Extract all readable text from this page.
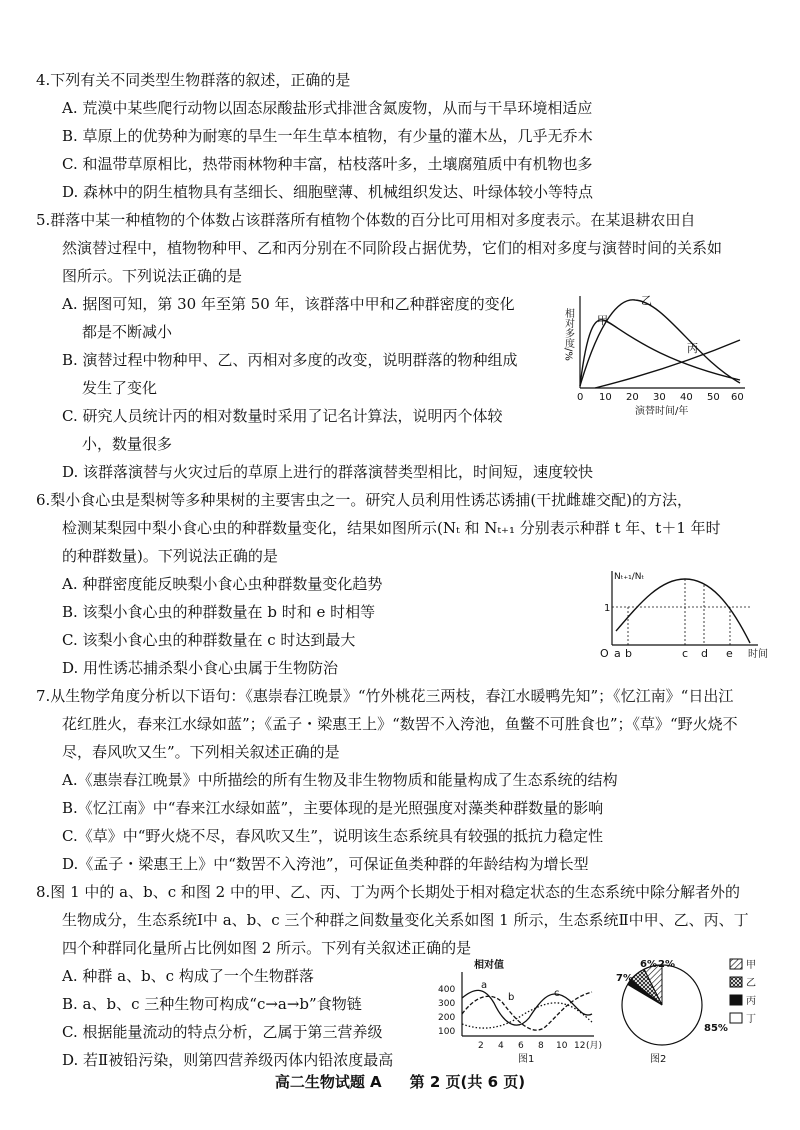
4.下列有关不同类型生物群落的叙述，正确的是
A. 荒漠中某些爬行动物以固态尿酸盐形式排泄含氮废物，从而与干旱环境相适应
B. 草原上的优势种为耐寒的旱生一年生草本植物，有少量的灌木丛，几乎无乔木
C. 和温带草原相比，热带雨林物种丰富，枯枝落叶多，土壤腐殖质中有机物也多
D. 森林中的阴生植物具有茎细长、细胞壁薄、机械组织发达、叶绿体较小等特点
5.群落中某一种植物的个体数占该群落所有植物个体数的百分比可用相对多度表示。在某退耕农田自
然演替过程中，植物物种甲、乙和丙分别在不同阶段占据优势，它们的相对多度与演替时间的关系如
图所示。下列说法正确的是
A. 据图可知，第 30 年至第 50 年，该群落中甲和乙种群密度的变化
都是不断减小
B. 演替过程中物种甲、乙、丙相对多度的改变，说明群落的物种组成
发生了变化
C. 研究人员统计丙的相对数量时采用了记名计算法，说明丙个体较
小，数量很多
D. 该群落演替与火灾过后的草原上进行的群落演替类型相比，时间短，速度较快
甲
乙
丙
相对多度/%
0 10 20 30 40 50 60
演替时间/年
6.梨小食心虫是梨树等多种果树的主要害虫之一。研究人员利用性诱芯诱捕(干扰雌雄交配)的方法，
检测某梨园中梨小食心虫的种群数量变化，结果如图所示(Nₜ 和 Nₜ₊₁ 分别表示种群 t 年、t＋1 年时
的种群数量)。下列说法正确的是
A. 种群密度能反映梨小食心虫种群数量变化趋势
B. 该梨小食心虫的种群数量在 b 时和 e 时相等
C. 该梨小食心虫的种群数量在 c 时达到最大
D. 用性诱芯捕杀梨小食心虫属于生物防治
Nₜ₊₁/Nₜ
1
O a b	c d e 时间
7.从生物学角度分析以下语句：《惠崇春江晚景》“竹外桃花三两枝，春江水暖鸭先知”；《忆江南》“日出江
花红胜火，春来江水绿如蓝”；《孟子・梁惠王上》“数罟不入洿池，鱼鳖不可胜食也”；《草》“野火烧不
尽，春风吹又生”。下列相关叙述正确的是
A.《惠崇春江晚景》中所描绘的所有生物及非生物物质和能量构成了生态系统的结构
B.《忆江南》中“春来江水绿如蓝”，主要体现的是光照强度对藻类种群数量的影响
C.《草》中“野火烧不尽，春风吹又生”，说明该生态系统具有较强的抵抗力稳定性
D.《孟子・梁惠王上》中“数罟不入洿池”，可保证鱼类种群的年龄结构为增长型
8.图 1 中的 a、b、c 和图 2 中的甲、乙、丙、丁为两个长期处于相对稳定状态的生态系统中除分解者外的
生物成分，生态系统Ⅰ中 a、b、c 三个种群之间数量变化关系如图 1 所示，生态系统Ⅱ中甲、乙、丙、丁
四个种群同化量所占比例如图 2 所示。下列有关叙述正确的是
A. 种群 a、b、c 构成了一个生物群落
B. a、b、c 三种生物可构成“c→a→b”食物链
C. 根据能量流动的特点分析，乙属于第三营养级
D. 若Ⅱ被铅污染，则第四营养级丙体内铅浓度最高
相对值
400
300
200
100
2 4 6 8 10 12 (月)
a
b	c
图1
7%
6% 2%
85%
甲
乙
丙
丁
图2
高二生物试题 A 第 2 页(共 6 页)
